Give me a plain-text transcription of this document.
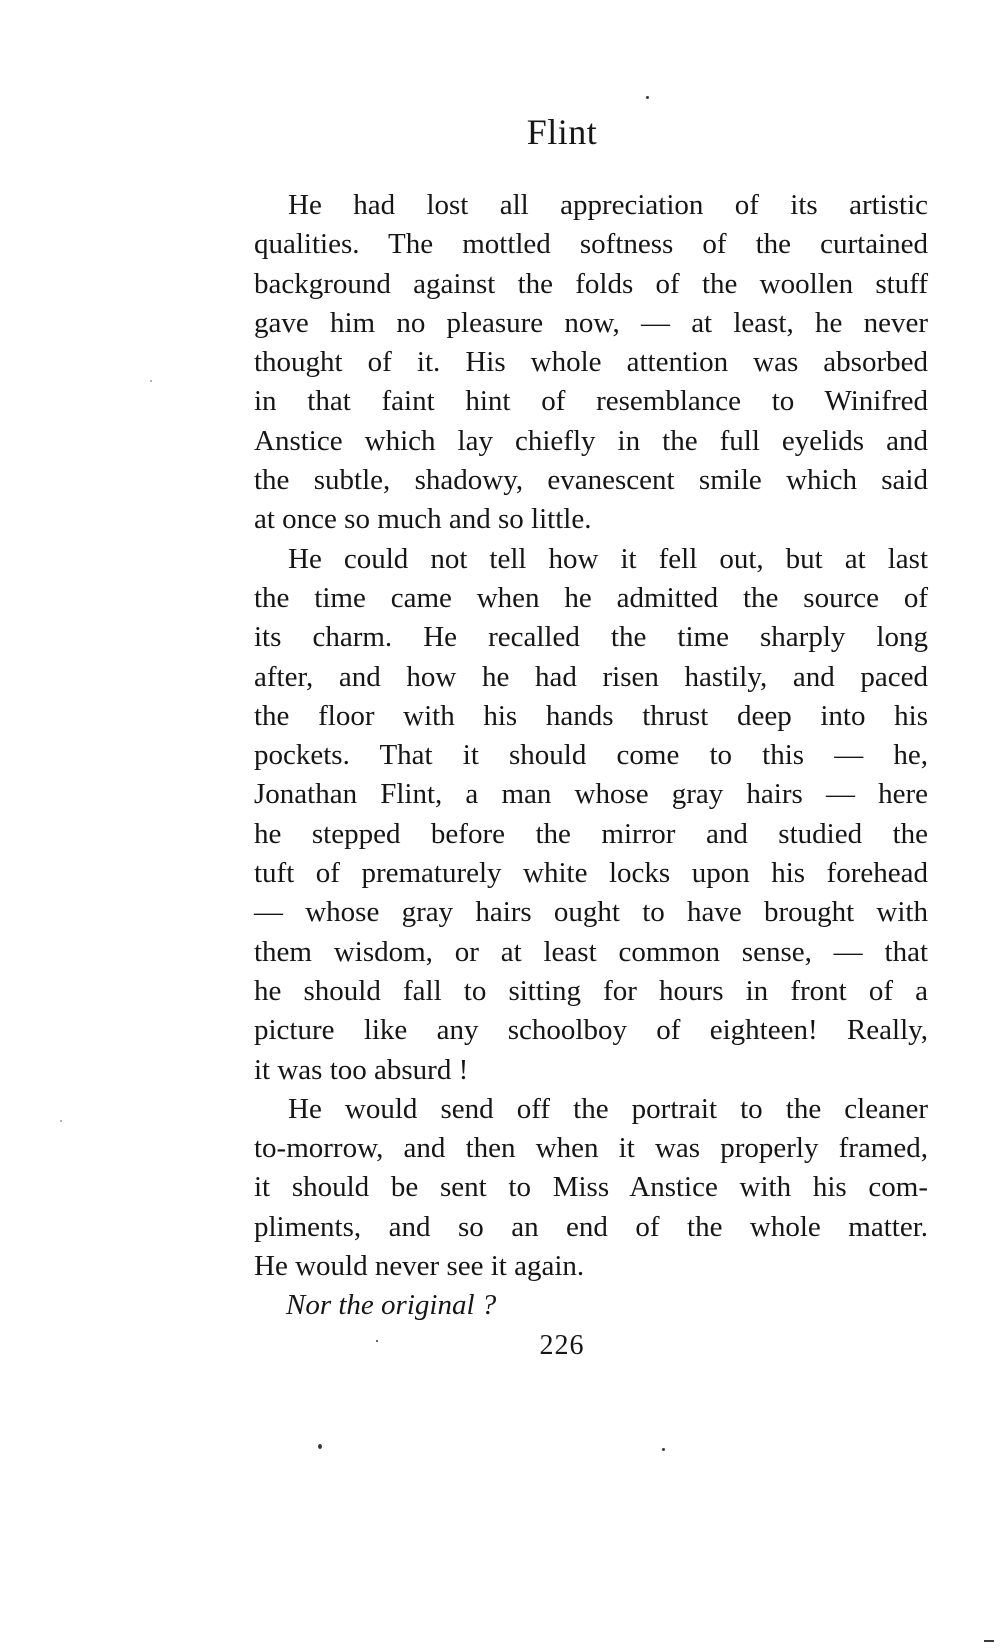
Flint

He had lost all appreciation of its artistic
qualities. The mottled softness of the curtained
background against the folds of the woollen stuff
gave him no pleasure now, — at least, he never
thought of it. His whole attention was absorbed
in that faint hint of resemblance to Winifred
Anstice which lay chiefly in the full eyelids and
the subtle, shadowy, evanescent smile which said
at once so much and so little.

He could not tell how it fell out, but at last
the time came when he admitted the source of
its charm. He recalled the time sharply long
after, and how he had risen hastily, and paced
the floor with his hands thrust deep into his
pockets. That it should come to this — he,
Jonathan Flint, a man whose gray hairs — here
he stepped before the mirror and studied the
tuft of prematurely white locks upon his forehead
— whose gray hairs ought to have brought with
them wisdom, or at least common sense, — that
he should fall to sitting for hours in front of a
picture like any schoolboy of eighteen! Really,
it was too absurd !

He would send off the portrait to the cleaner
to-morrow, and then when it was properly framed,
it should be sent to Miss Anstice with his com-
pliments, and so an end of the whole matter.
He would never see it again.

Nor the original ?

226
